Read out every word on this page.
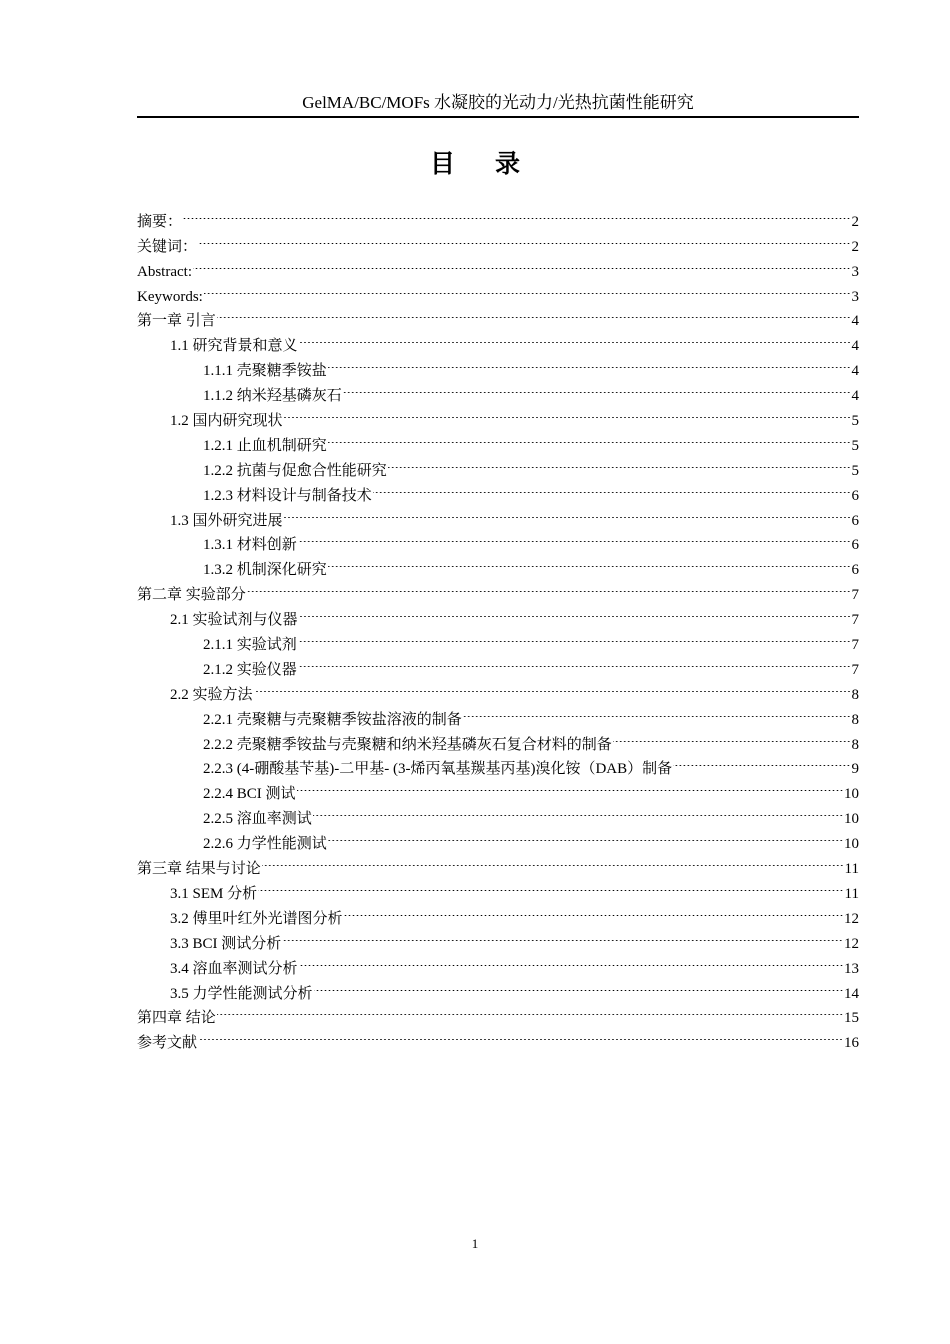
GelMA/BC/MOFs 水凝胶的光动力/光热抗菌性能研究
目录
摘要：	2
关键词：	2
Abstract:	3
Keywords:	3
第一章 引言	4
1.1 研究背景和意义	4
1.1.1 壳聚糖季铵盐	4
1.1.2 纳米羟基磷灰石	4
1.2 国内研究现状	5
1.2.1 止血机制研究	5
1.2.2 抗菌与促愈合性能研究	5
1.2.3 材料设计与制备技术	6
1.3 国外研究进展	6
1.3.1 材料创新	6
1.3.2 机制深化研究	6
第二章 实验部分	7
2.1 实验试剂与仪器	7
2.1.1 实验试剂	7
2.1.2 实验仪器	7
2.2 实验方法	8
2.2.1 壳聚糖与壳聚糖季铵盐溶液的制备	8
2.2.2 壳聚糖季铵盐与壳聚糖和纳米羟基磷灰石复合材料的制备	8
2.2.3 (4-硼酸基苄基)-二甲基- (3-烯丙氧基羰基丙基)溴化铵（DAB）制备	9
2.2.4 BCI 测试	10
2.2.5 溶血率测试	10
2.2.6 力学性能测试	10
第三章 结果与讨论	11
3.1 SEM 分析	11
3.2 傅里叶红外光谱图分析	12
3.3 BCI 测试分析	12
3.4 溶血率测试分析	13
3.5 力学性能测试分析	14
第四章 结论	15
参考文献	16
1
